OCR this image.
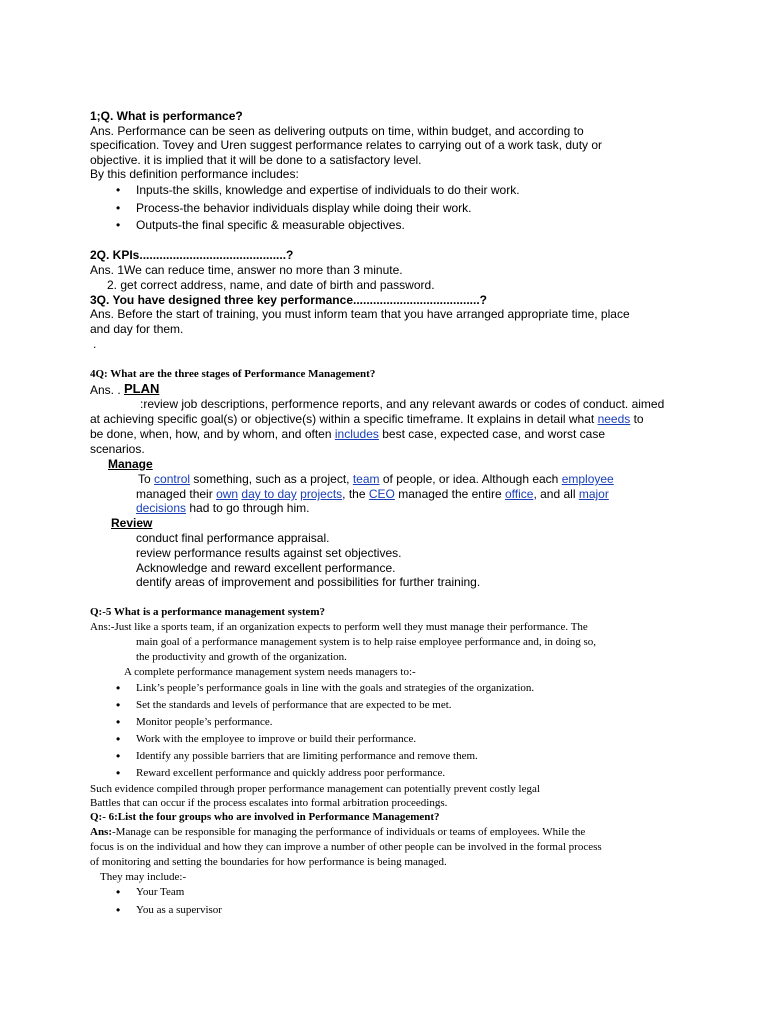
1;Q. What is performance?
Ans. Performance can be seen as delivering outputs on time, within budget, and according to
specification. Tovey and Uren suggest performance relates to carrying out of a work task, duty or
objective. it is implied that it will be done to a satisfactory level.
By this definition performance includes:
• Inputs-the skills, knowledge and expertise of individuals to do their work.
• Process-the behavior individuals display while doing their work.
• Outputs-the final specific & measurable objectives.
2Q. KPIs............................................?
Ans. 1We can reduce time, answer no more than 3 minute.
2. get correct address, name, and date of birth and password.
3Q. You have designed three key performance......................................?
Ans. Before the start of training, you must inform team that you have arranged appropriate time, place
and day for them.
.
4Q: What are the three stages of Performance Management?
Ans. . PLAN
:review job descriptions, performence reports, and any relevant awards or codes of conduct. aimed
at achieving specific goal(s) or objective(s) within a specific timeframe. It explains in detail what needs to
be done, when, how, and by whom, and often includes best case, expected case, and worst case
scenarios.
Manage
To control something, such as a project, team of people, or idea. Although each employee
managed their own day to day projects, the CEO managed the entire office, and all major
decisions had to go through him.
Review
conduct final performance appraisal.
review performance results against set objectives.
Acknowledge and reward excellent performance.
dentify areas of improvement and possibilities for further training.
Q:-5 What is a performance management system?
Ans:-Just like a sports team, if an organization expects to perform well they must manage their performance. The
main goal of a performance management system is to help raise employee performance and, in doing so,
the productivity and growth of the organization.
A complete performance management system needs managers to:-
• Link’s people’s performance goals in line with the goals and strategies of the organization.
• Set the standards and levels of performance that are expected to be met.
• Monitor people’s performance.
• Work with the employee to improve or build their performance.
• Identify any possible barriers that are limiting performance and remove them.
• Reward excellent performance and quickly address poor performance.
Such evidence compiled through proper performance management can potentially prevent costly legal
Battles that can occur if the process escalates into formal arbitration proceedings.
Q:- 6:List the four groups who are involved in Performance Management?
Ans:-Manage can be responsible for managing the performance of individuals or teams of employees. While the
focus is on the individual and how they can improve a number of other people can be involved in the formal process
of monitoring and setting the boundaries for how performance is being managed.
They may include:-
• Your Team
• You as a supervisor
